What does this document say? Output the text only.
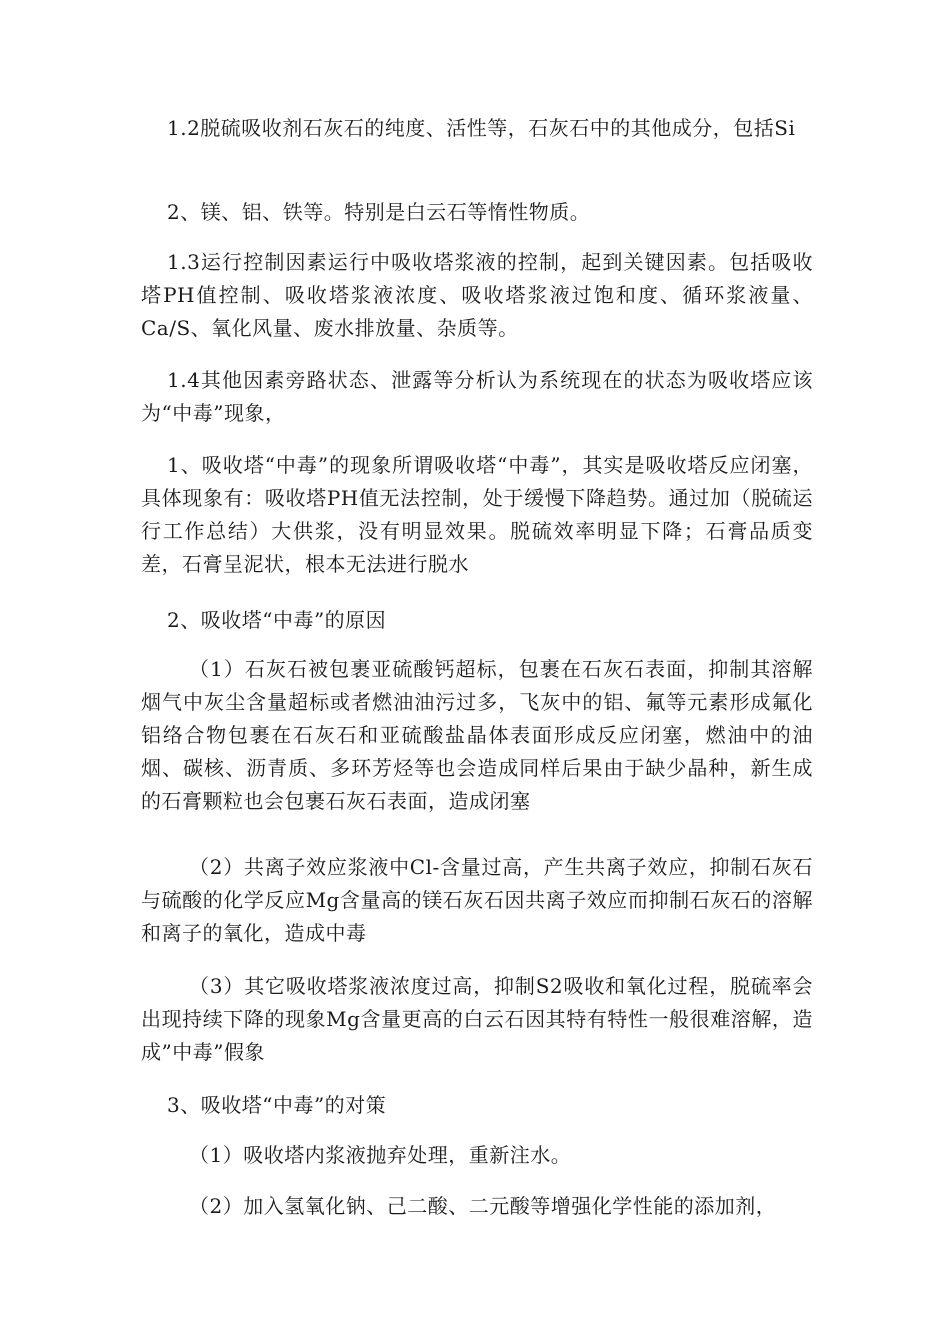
1.2脱硫吸收剂石灰石的纯度、活性等，石灰石中的其他成分，包括Si

2、镁、铝、铁等。特别是白云石等惰性物质。

1.3运行控制因素运行中吸收塔浆液的控制，起到关键因素。包括吸收塔PH值控制、吸收塔浆液浓度、吸收塔浆液过饱和度、循环浆液量、Ca/S、氧化风量、废水排放量、杂质等。

1.4其他因素旁路状态、泄露等分析认为系统现在的状态为吸收塔应该为“中毒”现象，

1、吸收塔“中毒”的现象所谓吸收塔“中毒”，其实是吸收塔反应闭塞，具体现象有：吸收塔PH值无法控制，处于缓慢下降趋势。通过加（脱硫运行工作总结）大供浆，没有明显效果。脱硫效率明显下降；石膏品质变差，石膏呈泥状，根本无法进行脱水

2、吸收塔“中毒”的原因

（1）石灰石被包裹亚硫酸钙超标，包裹在石灰石表面，抑制其溶解烟气中灰尘含量超标或者燃油油污过多，飞灰中的铝、氟等元素形成氟化铝络合物包裹在石灰石和亚硫酸盐晶体表面形成反应闭塞，燃油中的油烟、碳核、沥青质、多环芳烃等也会造成同样后果由于缺少晶种，新生成的石膏颗粒也会包裹石灰石表面，造成闭塞

（2）共离子效应浆液中Cl-含量过高，产生共离子效应，抑制石灰石与硫酸的化学反应Mg含量高的镁石灰石因共离子效应而抑制石灰石的溶解和离子的氧化，造成中毒

（3）其它吸收塔浆液浓度过高，抑制S2吸收和氧化过程，脱硫率会出现持续下降的现象Mg含量更高的白云石因其特有特性一般很难溶解，造成”中毒”假象

3、吸收塔“中毒”的对策

（1）吸收塔内浆液抛弃处理，重新注水。

（2）加入氢氧化钠、己二酸、二元酸等增强化学性能的添加剂，
